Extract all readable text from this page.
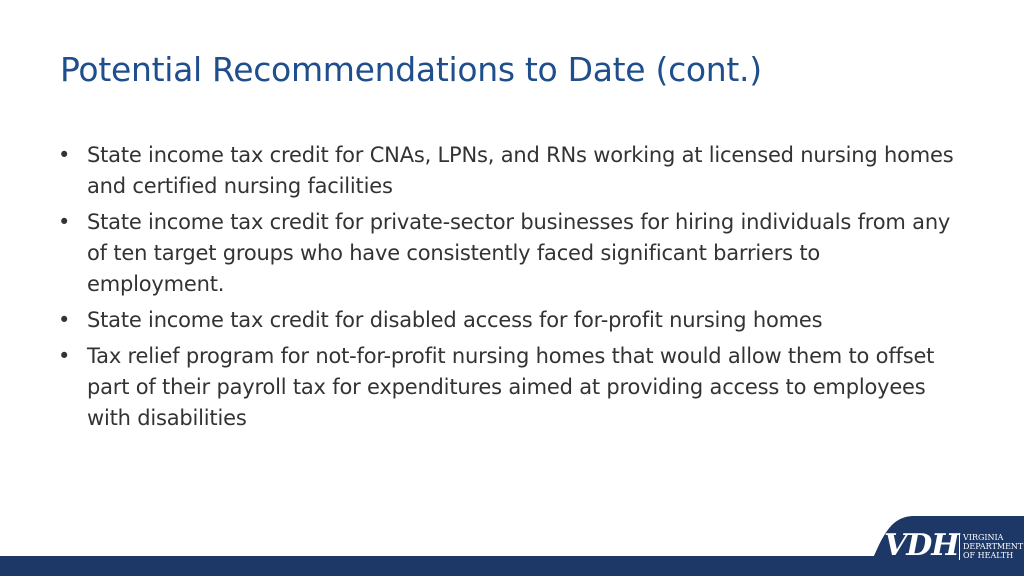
Potential Recommendations to Date (cont.)
• State income tax credit for CNAs, LPNs, and RNs working at licensed nursing homes and certified nursing facilities
• State income tax credit for private-sector businesses for hiring individuals from any of ten target groups who have consistently faced significant barriers to employment.
• State income tax credit for disabled access for for-profit nursing homes
• Tax relief program for not-for-profit nursing homes that would allow them to offset part of their payroll tax for expenditures aimed at providing access to employees with disabilities
VDH VIRGINIA
DEPARTMENT
OF HEALTH
